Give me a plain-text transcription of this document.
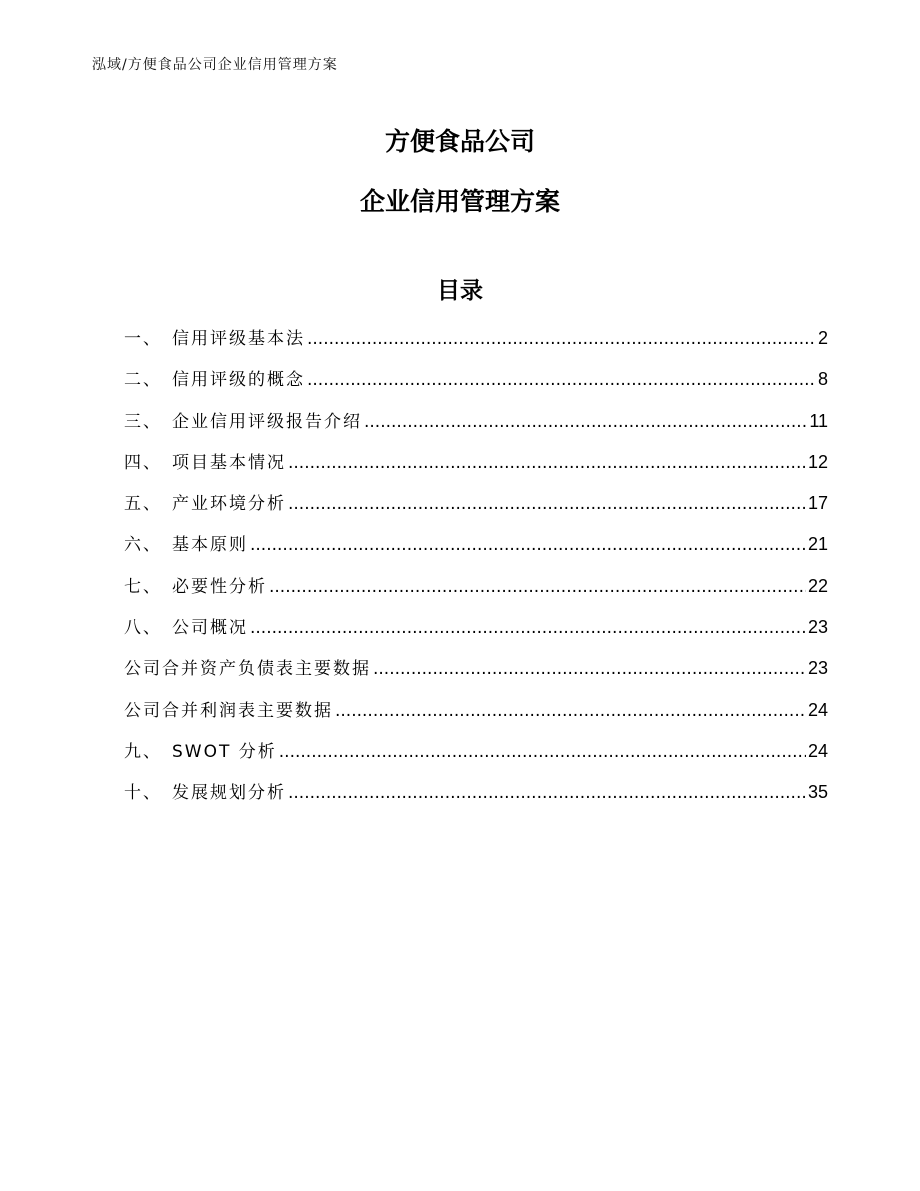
泓域/方便食品公司企业信用管理方案
方便食品公司
企业信用管理方案
目录
一、 信用评级基本法 .....	2
二、 信用评级的概念 .....	8
三、 企业信用评级报告介绍 .....	11
四、 项目基本情况 .....	12
五、 产业环境分析 .....	17
六、 基本原则 .....	21
七、 必要性分析 .....	22
八、 公司概况 .....	23
公司合并资产负债表主要数据 .....	23
公司合并利润表主要数据 .....	24
九、 SWOT 分析 .....	24
十、 发展规划分析 .....	35
